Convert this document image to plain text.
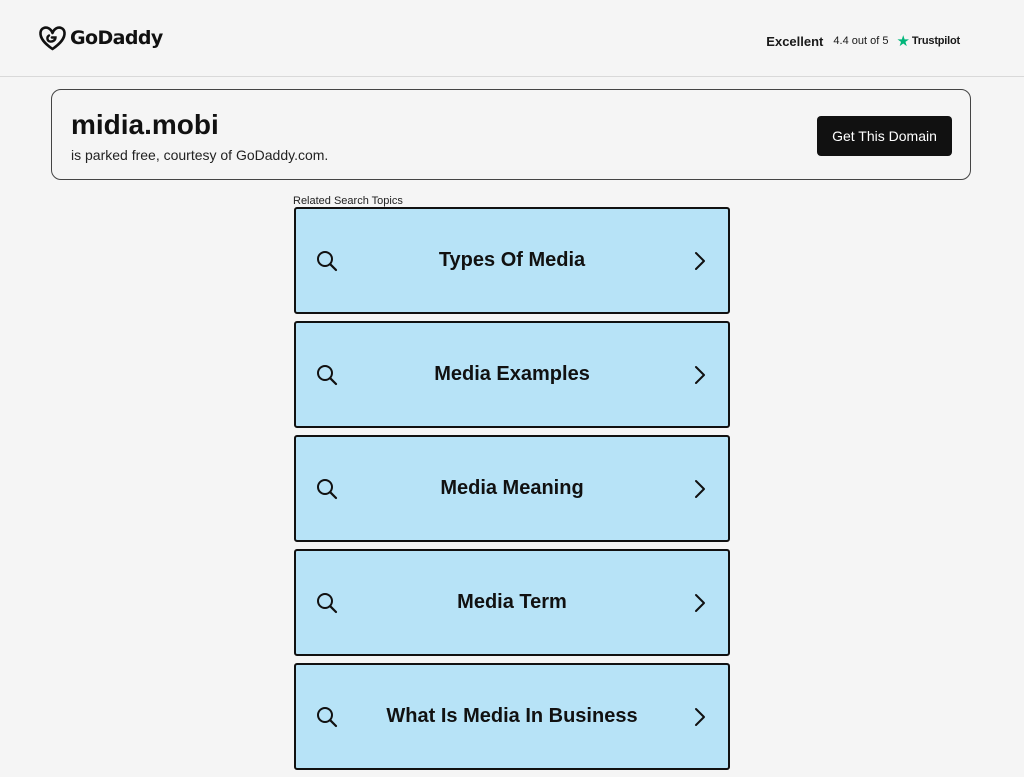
GoDaddy	Excellent 4.4 out of 5 ★ Trustpilot
midia.mobi
is parked free, courtesy of GoDaddy.com.
Get This Domain
Related Search Topics
Types Of Media
Media Examples
Media Meaning
Media Term
What Is Media In Business
